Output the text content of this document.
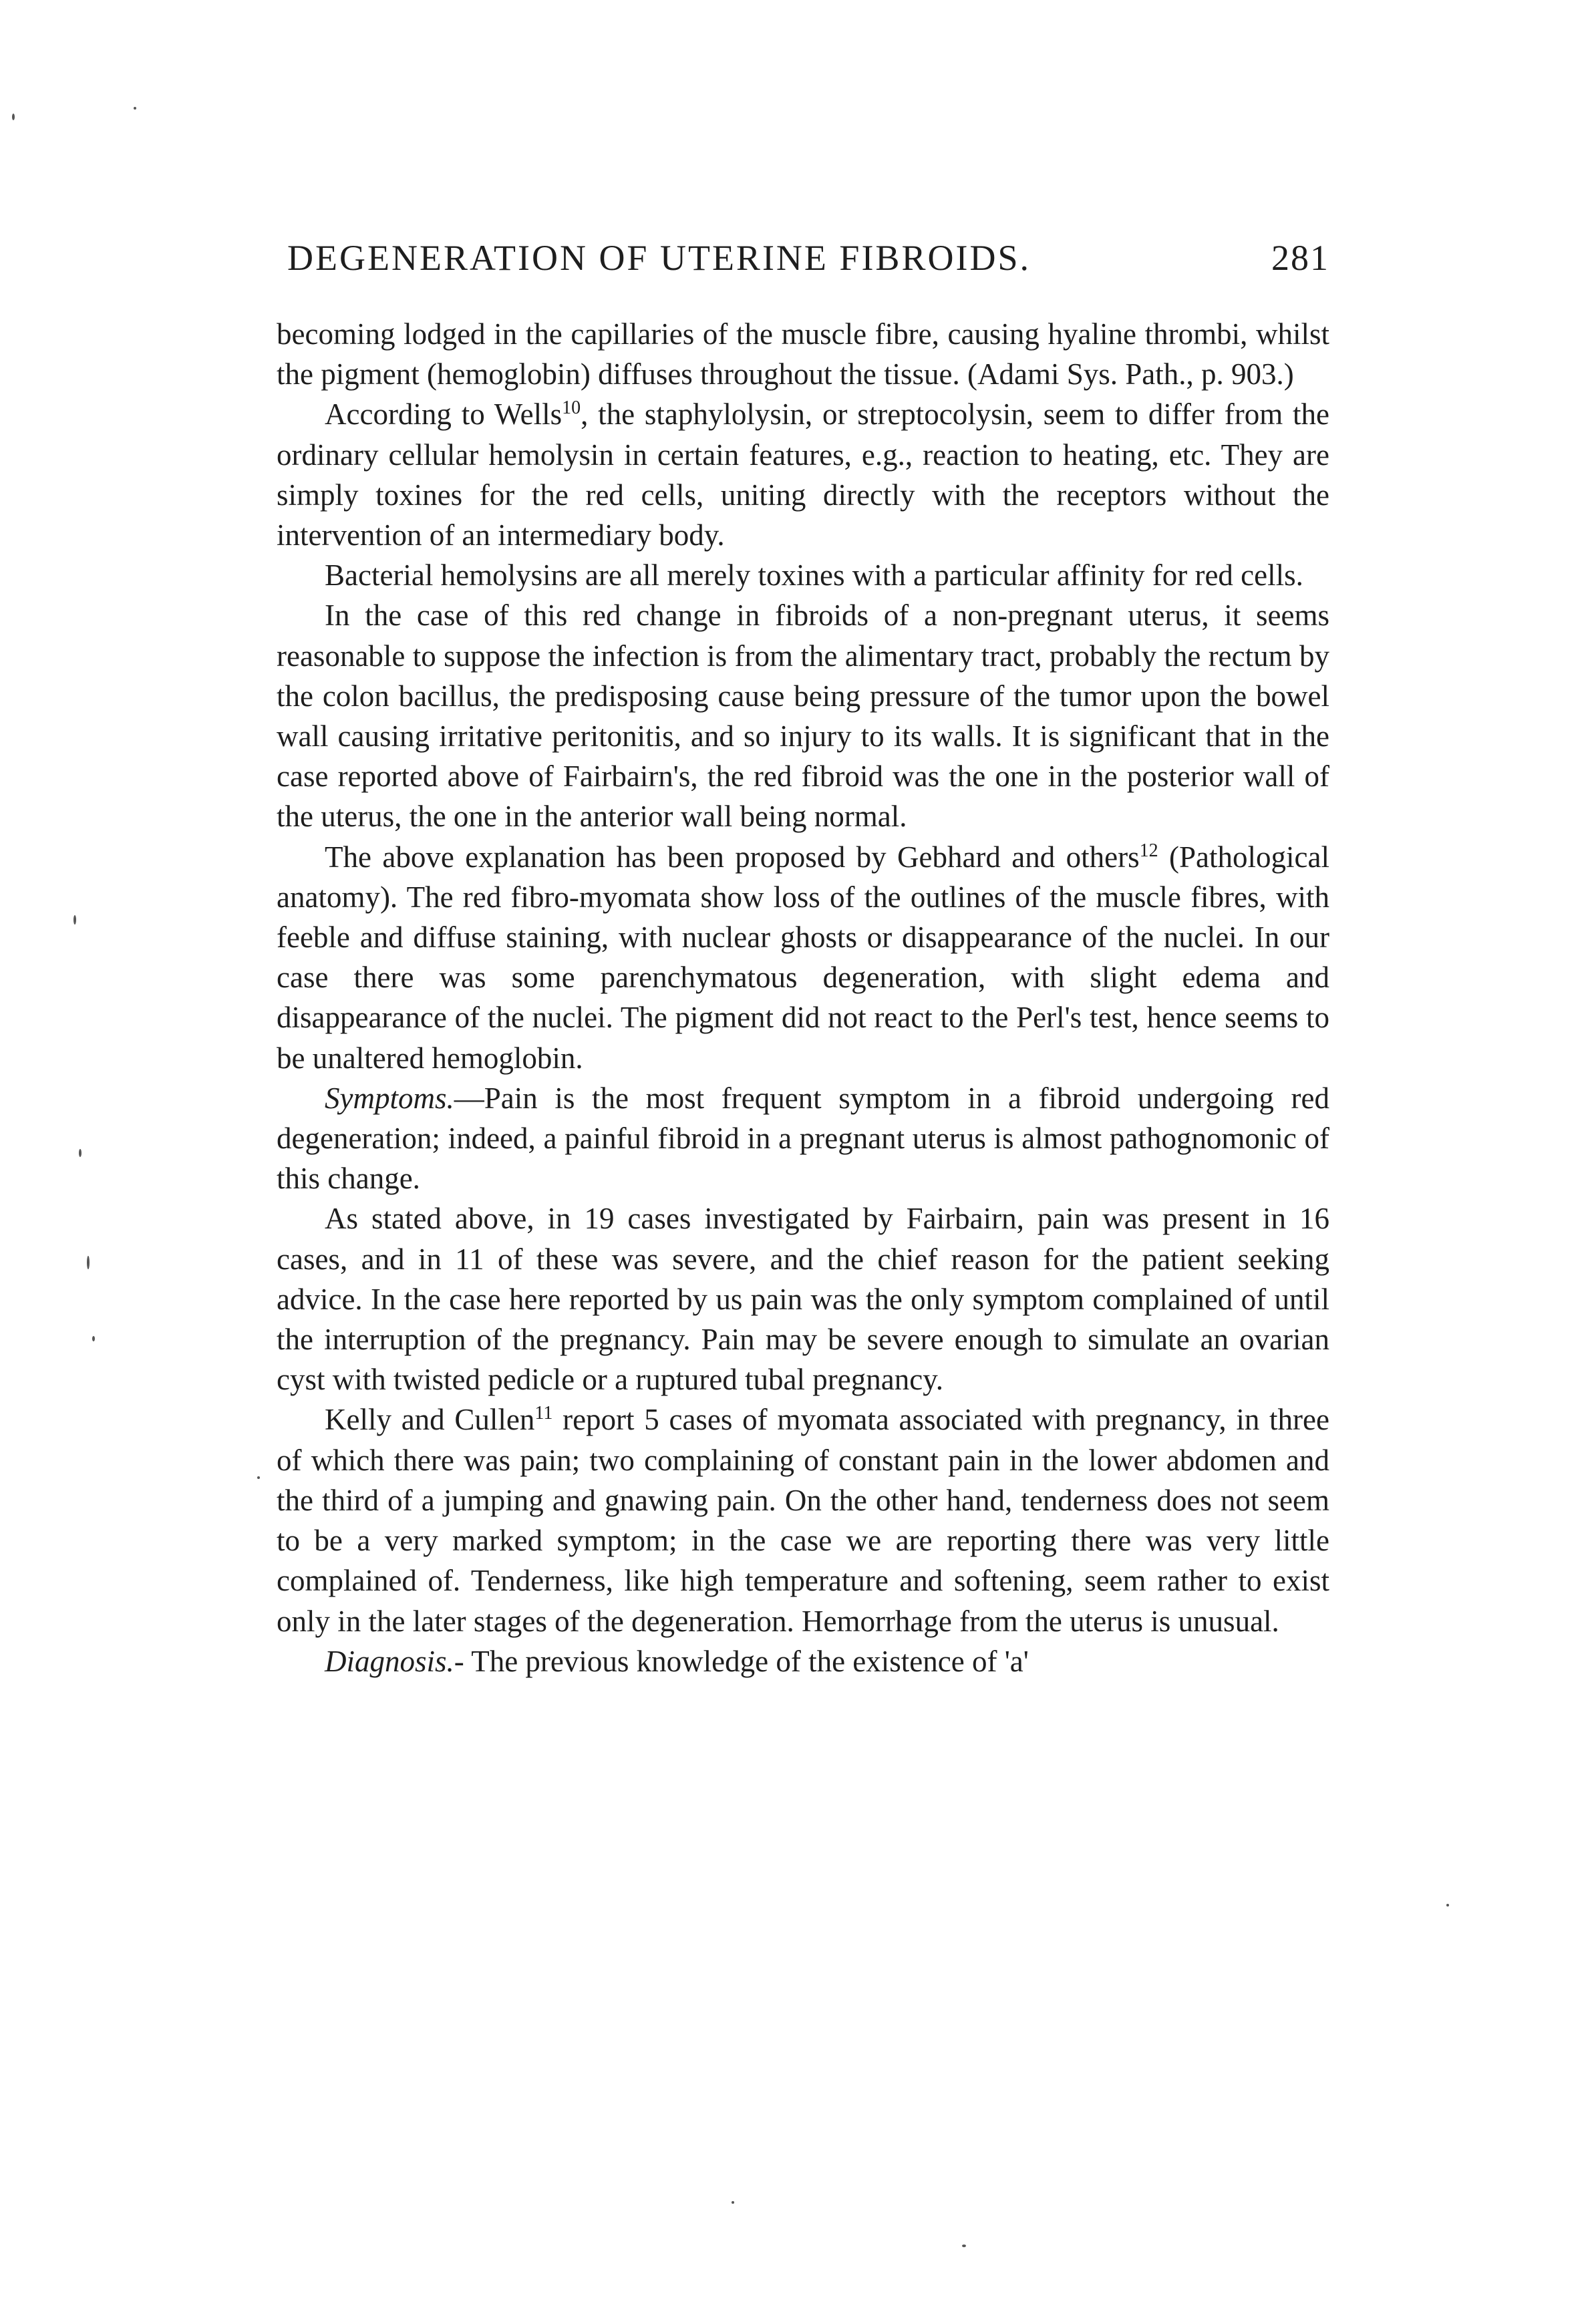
DEGENERATION OF UTERINE FIBROIDS.	281

becoming lodged in the capillaries of the muscle fibre, causing hyaline thrombi, whilst the pigment (hemoglobin) diffuses throughout the tissue. (Adami Sys. Path., p. 903.)

According to Wells$^{10}$, the staphylolysin, or streptocolysin, seem to differ from the ordinary cellular hemolysin in certain features, e.g., reaction to heating, etc. They are simply toxines for the red cells, uniting directly with the receptors without the intervention of an intermediary body.

Bacterial hemolysins are all merely toxines with a particular affinity for red cells.

In the case of this red change in fibroids of a non-pregnant uterus, it seems reasonable to suppose the infection is from the alimentary tract, probably the rectum by the colon bacillus, the predisposing cause being pressure of the tumor upon the bowel wall causing irritative peritonitis, and so injury to its walls. It is significant that in the case reported above of Fairbairn's, the red fibroid was the one in the posterior wall of the uterus, the one in the anterior wall being normal.

The above explanation has been proposed by Gebhard and others$^{12}$ (Pathological anatomy). The red fibro-myomata show loss of the outlines of the muscle fibres, with feeble and diffuse staining, with nuclear ghosts or disappearance of the nuclei. In our case there was some parenchymatous degeneration, with slight edema and disappearance of the nuclei. The pigment did not react to the Perl's test, hence seems to be unaltered hemoglobin.

Symptoms.—Pain is the most frequent symptom in a fibroid undergoing red degeneration; indeed, a painful fibroid in a pregnant uterus is almost pathognomonic of this change.

As stated above, in 19 cases investigated by Fairbairn, pain was present in 16 cases, and in 11 of these was severe, and the chief reason for the patient seeking advice. In the case here reported by us pain was the only symptom complained of until the interruption of the pregnancy. Pain may be severe enough to simulate an ovarian cyst with twisted pedicle or a ruptured tubal pregnancy.

Kelly and Cullen$^{11}$ report 5 cases of myomata associated with pregnancy, in three of which there was pain; two complaining of constant pain in the lower abdomen and the third of a jumping and gnawing pain. On the other hand, tenderness does not seem to be a very marked symptom; in the case we are reporting there was very little complained of. Tenderness, like high temperature and softening, seem rather to exist only in the later stages of the degeneration. Hemorrhage from the uterus is unusual.

Diagnosis.- The previous knowledge of the existence of 'a'
